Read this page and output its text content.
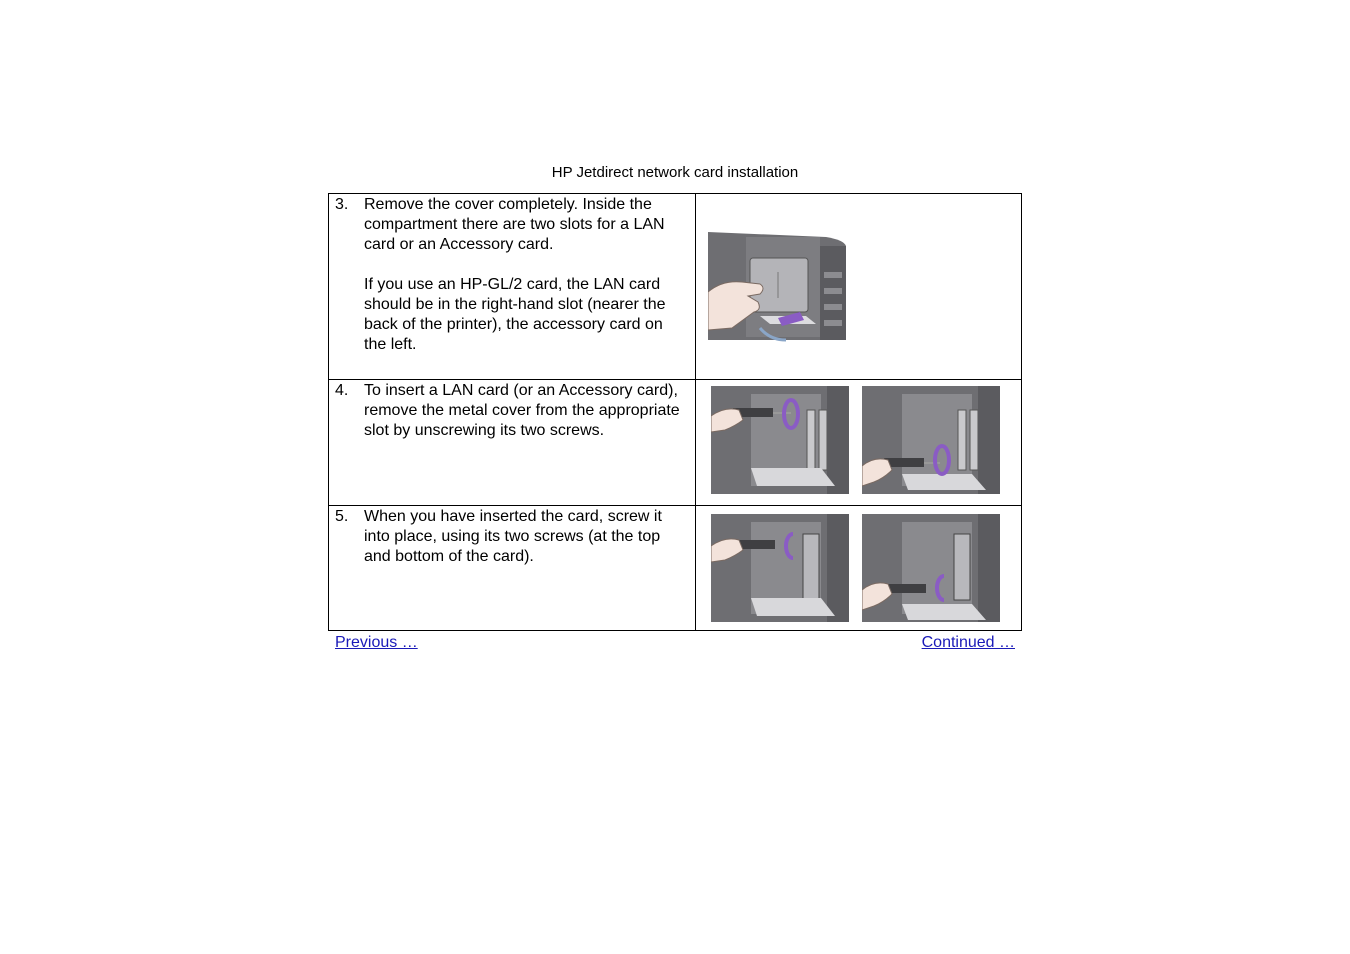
HP Jetdirect network card installation
3. Remove the cover completely. Inside the compartment there are two slots for a LAN card or an Accessory card.

If you use an HP-GL/2 card, the LAN card should be in the right-hand slot (nearer the back of the printer), the accessory card on the left.

4. To insert a LAN card (or an Accessory card), remove the metal cover from the appropriate slot by unscrewing its two screws.

5. When you have inserted the card, screw it into place, using its two screws (at the top and bottom of the card).

Previous …	Continued …
